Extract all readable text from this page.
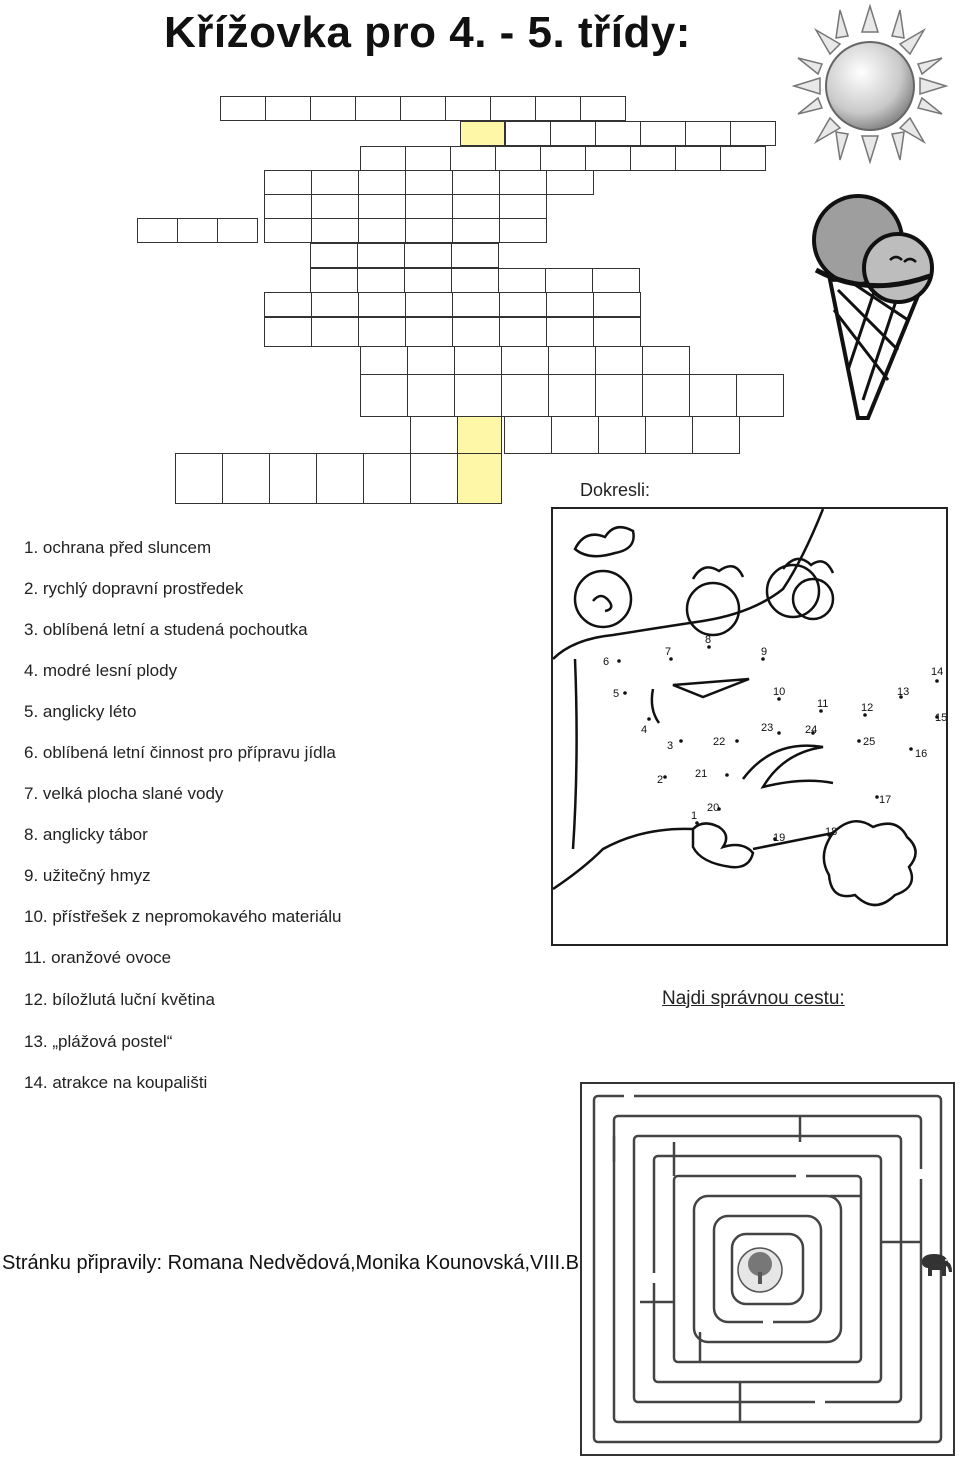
Křížovka pro 4. - 5. třídy:
1. ochrana před sluncem
2. rychlý dopravní prostředek
3. oblíbená letní a studená pochoutka
4. modré lesní plody
5. anglicky léto
6. oblíbená letní činnost pro přípravu jídla
7. velká plocha slané vody
8. anglicky tábor
9. užitečný hmyz
10. přístřešek z nepromokavého materiálu
11. oranžové ovoce
12. bíložlutá luční květina
13. „plážová postel“
14. atrakce na koupališti
Dokresli:
1
2
3
4
5
6
7
8
9
10
11	12
13
14
15
16
17
18
19
20
21
22
23	24
25
Najdi správnou cestu:
Stránku připravily: Romana Nedvědová,Monika Kounovská,VIII.B
